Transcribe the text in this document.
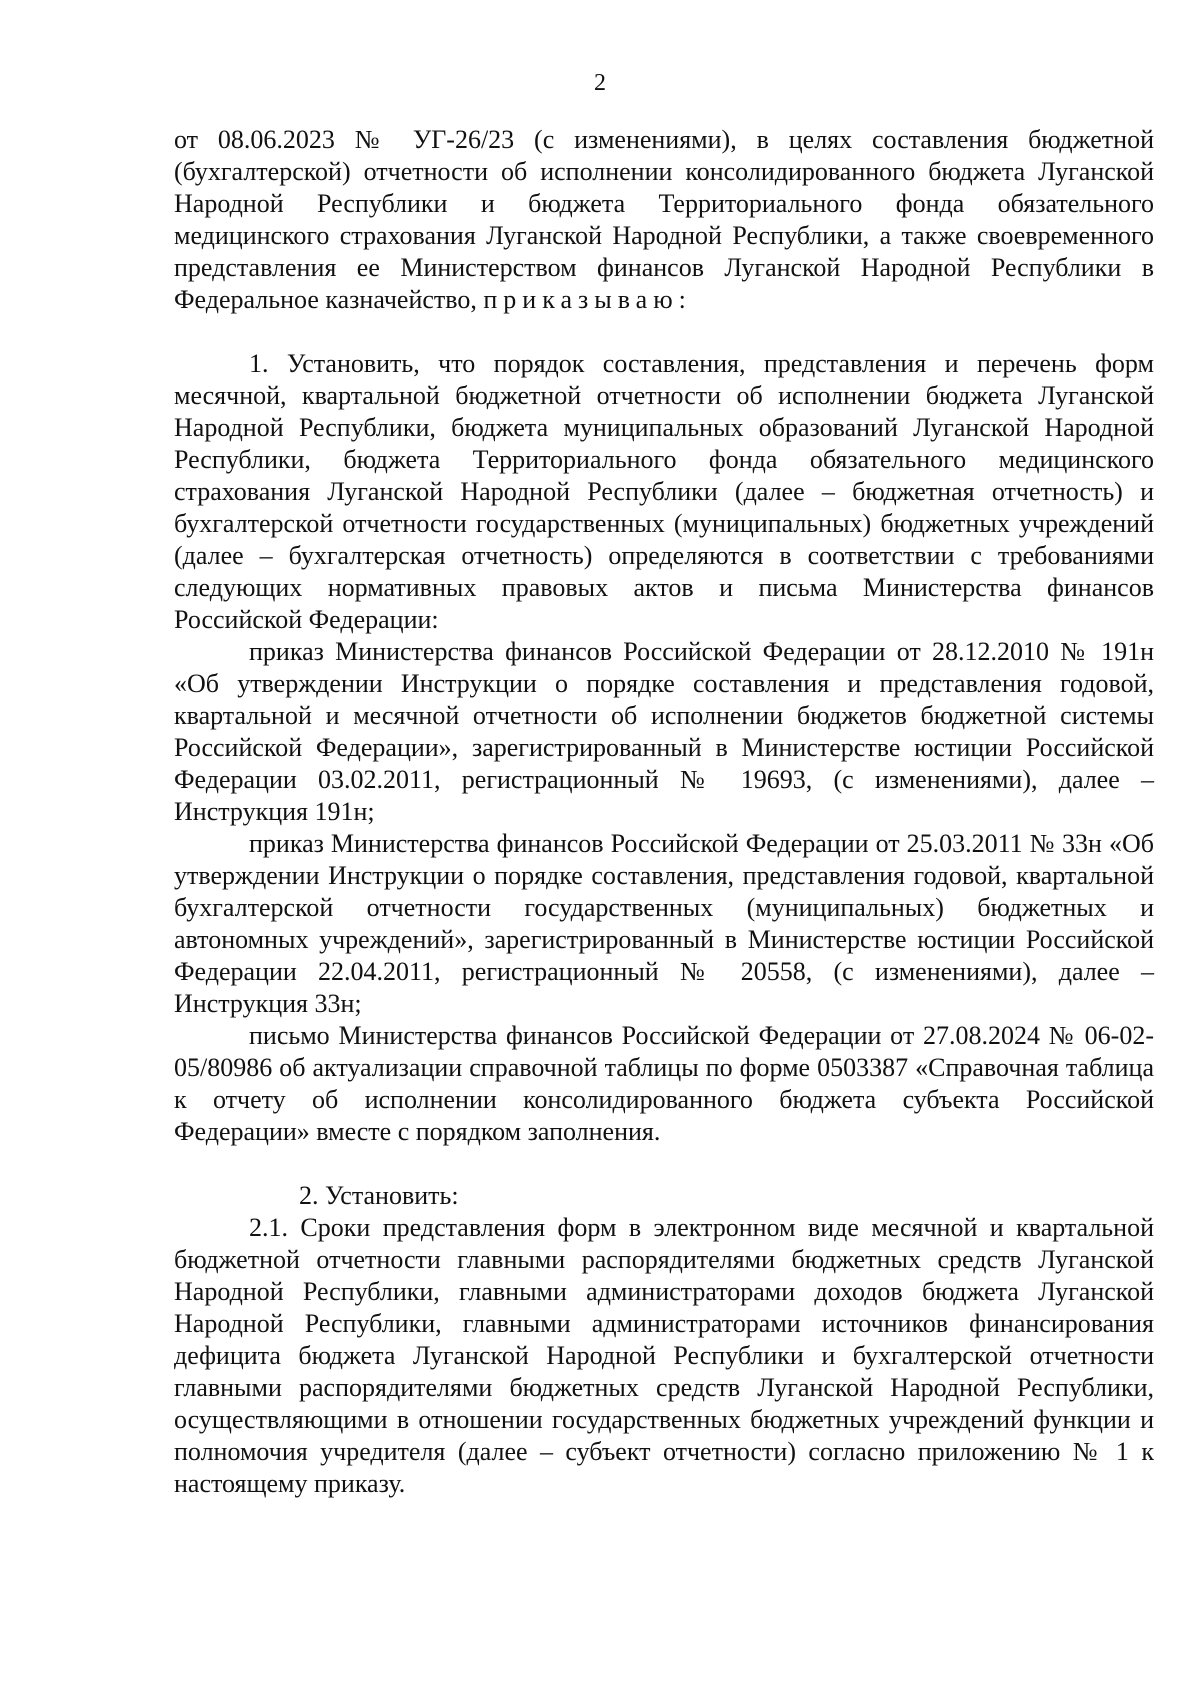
2

от 08.06.2023 № УГ-26/23 (с изменениями), в целях составления бюджетной (бухгалтерской) отчетности об исполнении консолидированного бюджета Луганской Народной Республики и бюджета Территориального фонда обязательного медицинского страхования Луганской Народной Республики, а также своевременного представления ее Министерством финансов Луганской Народной Республики в Федеральное казначейство, приказываю:

1. Установить, что порядок составления, представления и перечень форм месячной, квартальной бюджетной отчетности об исполнении бюджета Луганской Народной Республики, бюджета муниципальных образований Луганской Народной Республики, бюджета Территориального фонда обязательного медицинского страхования Луганской Народной Республики (далее – бюджетная отчетность) и бухгалтерской отчетности государственных (муниципальных) бюджетных учреждений (далее – бухгалтерская отчетность) определяются в соответствии с требованиями следующих нормативных правовых актов и письма Министерства финансов Российской Федерации:

приказ Министерства финансов Российской Федерации от 28.12.2010 № 191н «Об утверждении Инструкции о порядке составления и представления годовой, квартальной и месячной отчетности об исполнении бюджетов бюджетной системы Российской Федерации», зарегистрированный в Министерстве юстиции Российской Федерации 03.02.2011, регистрационный № 19693, (с изменениями), далее – Инструкция 191н;

приказ Министерства финансов Российской Федерации от 25.03.2011 № 33н «Об утверждении Инструкции о порядке составления, представления годовой, квартальной бухгалтерской отчетности государственных (муниципальных) бюджетных и автономных учреждений», зарегистрированный в Министерстве юстиции Российской Федерации 22.04.2011, регистрационный № 20558, (с изменениями), далее – Инструкция 33н;

письмо Министерства финансов Российской Федерации от 27.08.2024 № 06-02-05/80986 об актуализации справочной таблицы по форме 0503387 «Справочная таблица к отчету об исполнении консолидированного бюджета субъекта Российской Федерации» вместе с порядком заполнения.

2. Установить:

2.1. Сроки представления форм в электронном виде месячной и квартальной бюджетной отчетности главными распорядителями бюджетных средств Луганской Народной Республики, главными администраторами доходов бюджета Луганской Народной Республики, главными администраторами источников финансирования дефицита бюджета Луганской Народной Республики и бухгалтерской отчетности главными распорядителями бюджетных средств Луганской Народной Республики, осуществляющими в отношении государственных бюджетных учреждений функции и полномочия учредителя (далее – субъект отчетности) согласно приложению № 1 к настоящему приказу.
